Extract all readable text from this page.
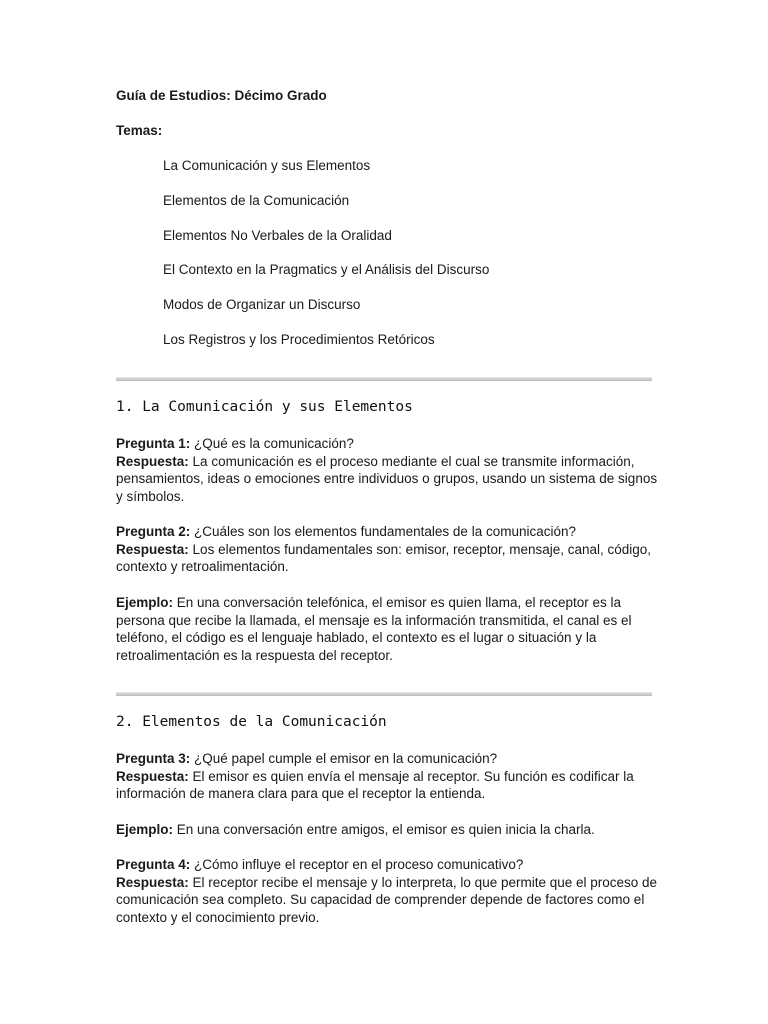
Guía de Estudios: Décimo Grado
Temas:
La Comunicación y sus Elementos
Elementos de la Comunicación
Elementos No Verbales de la Oralidad
El Contexto en la Pragmatics y el Análisis del Discurso
Modos de Organizar un Discurso
Los Registros y los Procedimientos Retóricos
1. La Comunicación y sus Elementos
Pregunta 1: ¿Qué es la comunicación?
Respuesta: La comunicación es el proceso mediante el cual se transmite información, pensamientos, ideas o emociones entre individuos o grupos, usando un sistema de signos y símbolos.
Pregunta 2: ¿Cuáles son los elementos fundamentales de la comunicación?
Respuesta: Los elementos fundamentales son: emisor, receptor, mensaje, canal, código, contexto y retroalimentación.
Ejemplo: En una conversación telefónica, el emisor es quien llama, el receptor es la persona que recibe la llamada, el mensaje es la información transmitida, el canal es el teléfono, el código es el lenguaje hablado, el contexto es el lugar o situación y la retroalimentación es la respuesta del receptor.
2. Elementos de la Comunicación
Pregunta 3: ¿Qué papel cumple el emisor en la comunicación?
Respuesta: El emisor es quien envía el mensaje al receptor. Su función es codificar la información de manera clara para que el receptor la entienda.
Ejemplo: En una conversación entre amigos, el emisor es quien inicia la charla.
Pregunta 4: ¿Cómo influye el receptor en el proceso comunicativo?
Respuesta: El receptor recibe el mensaje y lo interpreta, lo que permite que el proceso de comunicación sea completo. Su capacidad de comprender depende de factores como el contexto y el conocimiento previo.
